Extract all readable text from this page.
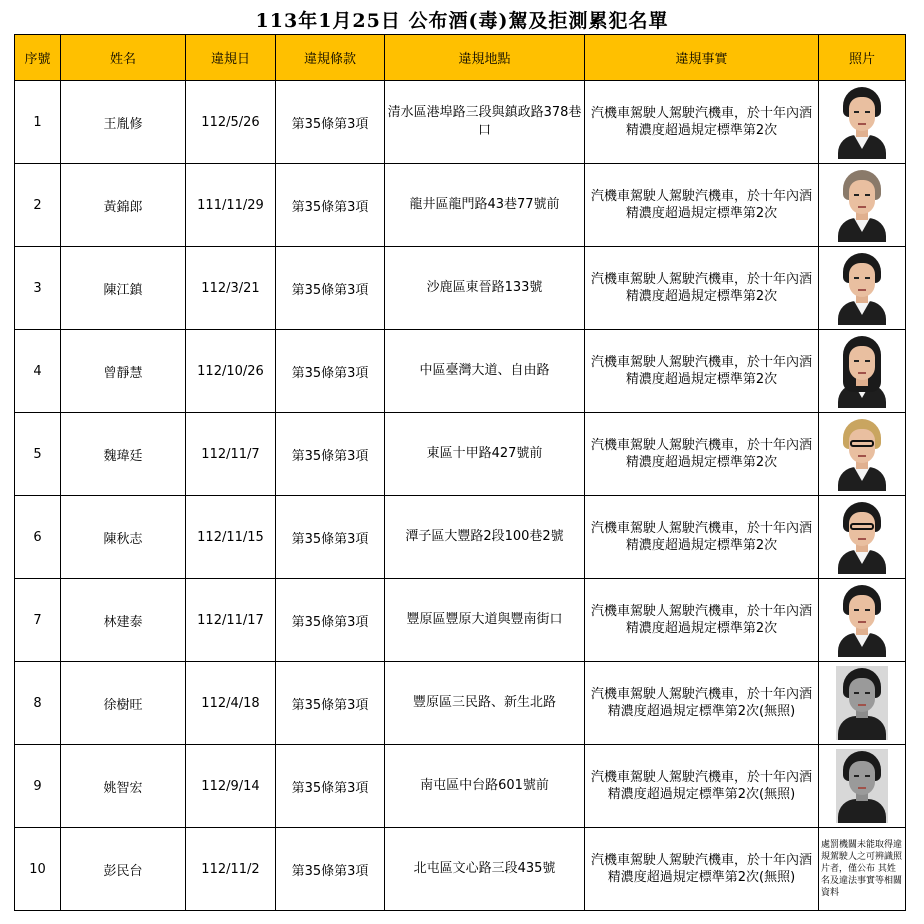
113年1月25日 公布酒(毒)駕及拒測累犯名單
序號	姓名	違規日	違規條款	違規地點	違規事實	照片
1	王胤修	112/5/26	第35條第3項	清水區港埠路三段與鎮政路378巷口	汽機車駕駛人駕駛汽機車，於十年內酒精濃度超過規定標準第2次	

2	黃錦郎	111/11/29	第35條第3項	龍井區龍門路43巷77號前	汽機車駕駛人駕駛汽機車，於十年內酒精濃度超過規定標準第2次	

3	陳江鎮	112/3/21	第35條第3項	沙鹿區東晉路133號	汽機車駕駛人駕駛汽機車，於十年內酒精濃度超過規定標準第2次	

4	曾靜慧	112/10/26	第35條第3項	中區臺灣大道、自由路	汽機車駕駛人駕駛汽機車，於十年內酒精濃度超過規定標準第2次	

5	魏瑋廷	112/11/7	第35條第3項	東區十甲路427號前	汽機車駕駛人駕駛汽機車，於十年內酒精濃度超過規定標準第2次	

6	陳秋志	112/11/15	第35條第3項	潭子區大豐路2段100巷2號	汽機車駕駛人駕駛汽機車，於十年內酒精濃度超過規定標準第2次	

7	林建泰	112/11/17	第35條第3項	豐原區豐原大道與豐南街口	汽機車駕駛人駕駛汽機車，於十年內酒精濃度超過規定標準第2次	

8	徐樹旺	112/4/18	第35條第3項	豐原區三民路、新生北路	汽機車駕駛人駕駛汽機車，於十年內酒精濃度超過規定標準第2次(無照)	

9	姚智宏	112/9/14	第35條第3項	南屯區中台路601號前	汽機車駕駛人駕駛汽機車，於十年內酒精濃度超過規定標準第2次(無照)	

10	彭民台	112/11/2	第35條第3項	北屯區文心路三段435號	汽機車駕駛人駕駛汽機車，於十年內酒精濃度超過規定標準第2次(無照)	處罰機關未能取得違規駕駛人之可辨識照片者，僅公布 其姓名及違法事實等相關資料
